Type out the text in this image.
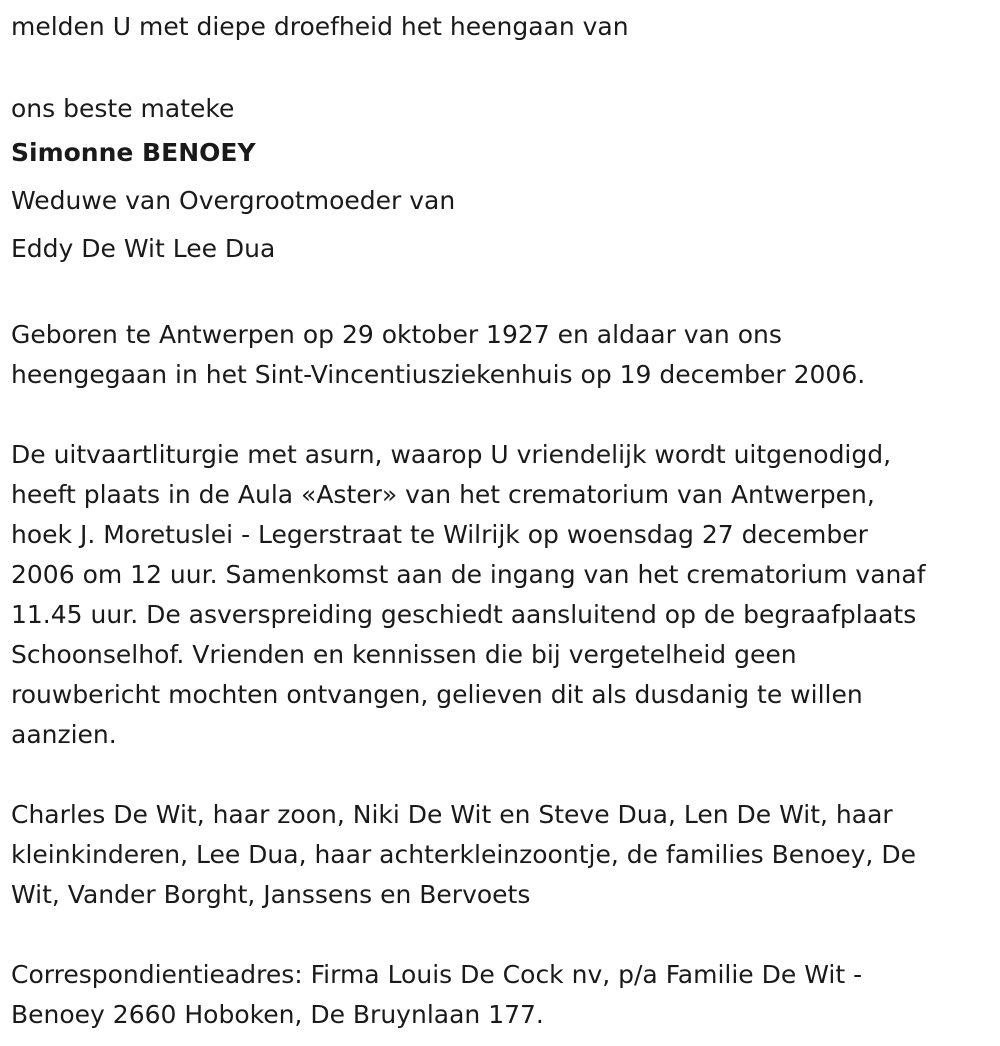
melden U met diepe droefheid het heengaan van
ons beste mateke
Simonne BENOEY
Weduwe van Overgrootmoeder van
Eddy De Wit Lee Dua
Geboren te Antwerpen op 29 oktober 1927 en aldaar van ons
heengegaan in het Sint-Vincentiusziekenhuis op 19 december 2006.
De uitvaartliturgie met asurn, waarop U vriendelijk wordt uitgenodigd,
heeft plaats in de Aula «Aster» van het crematorium van Antwerpen,
hoek J. Moretuslei - Legerstraat te Wilrijk op woensdag 27 december
2006 om 12 uur. Samenkomst aan de ingang van het crematorium vanaf
11.45 uur. De asverspreiding geschiedt aansluitend op de begraafplaats
Schoonselhof. Vrienden en kennissen die bij vergetelheid geen
rouwbericht mochten ontvangen, gelieven dit als dusdanig te willen
aanzien.
Charles De Wit, haar zoon, Niki De Wit en Steve Dua, Len De Wit, haar
kleinkinderen, Lee Dua, haar achterkleinzoontje, de families Benoey, De
Wit, Vander Borght, Janssens en Bervoets
Correspondientieadres: Firma Louis De Cock nv, p/a Familie De Wit -
Benoey 2660 Hoboken, De Bruynlaan 177.
